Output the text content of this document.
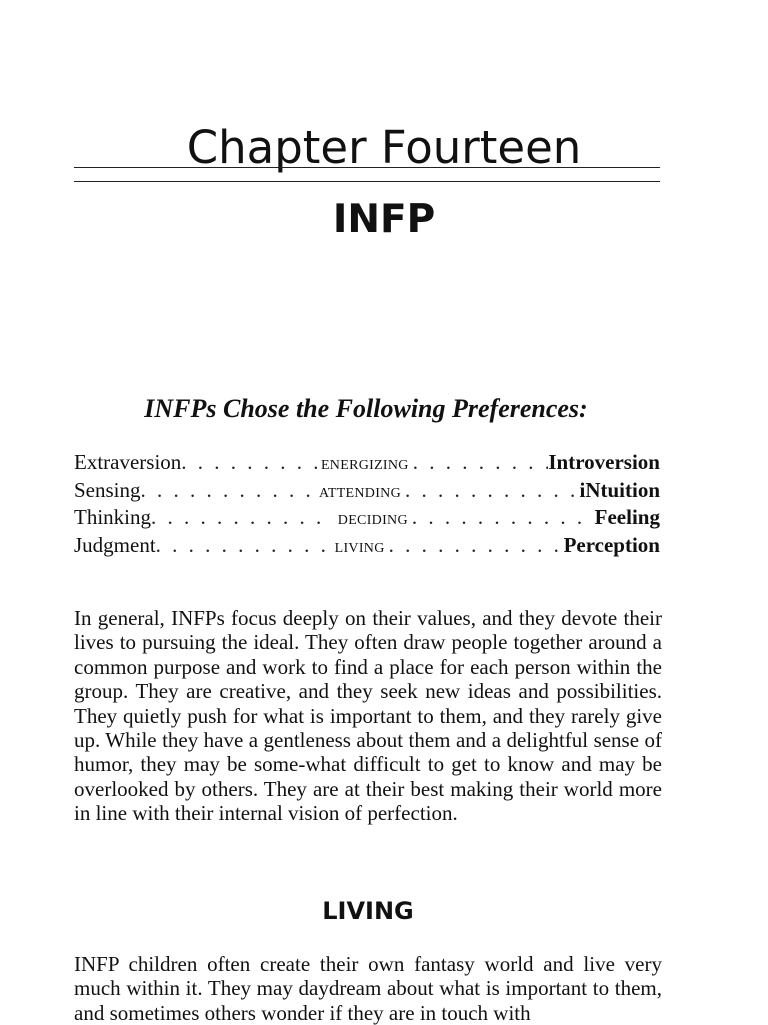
Chapter Fourteen
INFP
INFPs Chose the Following Preferences:
Extraversion . . .	ENERGIZING . . .	Introversion
Sensing . . .	ATTENDING . . .	iNtuition
Thinking . . .	DECIDING . . .	Feeling
Judgment . . .	LIVING . . .	Perception

In general, INFPs focus deeply on their values, and they devote their lives to pursuing the ideal. They often draw people together around a common purpose and work to find a place for each person within the group. They are creative, and they seek new ideas and possibilities. They quietly push for what is important to them, and they rarely give up. While they have a gentleness about them and a delightful sense of humor, they may be some-what difficult to get to know and may be overlooked by others. They are at their best making their world more in line with their internal vision of perfection.

LIVING

INFP children often create their own fantasy world and live very much within it. They may daydream about what is important to them, and sometimes others wonder if they are in touch with
